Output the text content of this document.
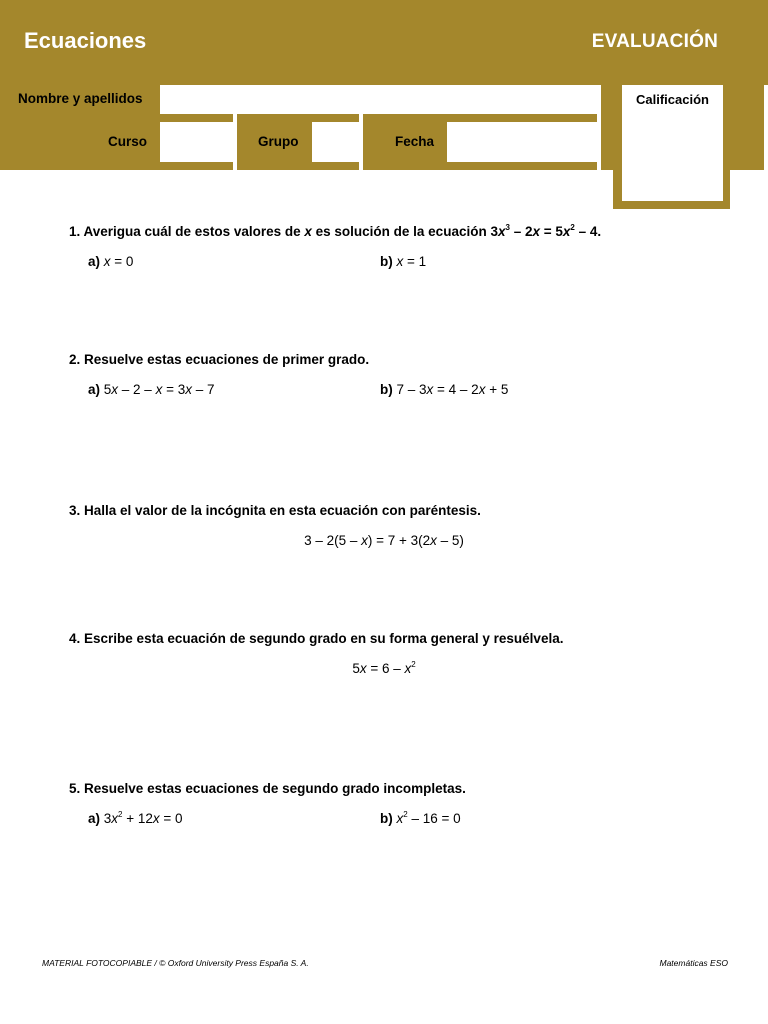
Ecuaciones	EVALUACIÓN
Nombre y apellidos
Curso	Grupo	Fecha
Calificación
1. Averigua cuál de estos valores de x es solución de la ecuación $3x^3 - 2x = 5x^2 - 4$.
a) x = 0	b) x = 1
2. Resuelve estas ecuaciones de primer grado.
a) 5x – 2 – x = 3x – 7	b) 7 – 3x = 4 – 2x + 5
3. Halla el valor de la incógnita en esta ecuación con paréntesis.
3 – 2(5 – x) = 7 + 3(2x – 5)
4. Escribe esta ecuación de segundo grado en su forma general y resuélvela.
$5x = 6 - x^2$
5. Resuelve estas ecuaciones de segundo grado incompletas.
a) $3x^2 + 12x = 0$	b) $x^2 - 16 = 0$
MATERIAL FOTOCOPIABLE / © Oxford University Press España S. A.	Matemáticas ESO
